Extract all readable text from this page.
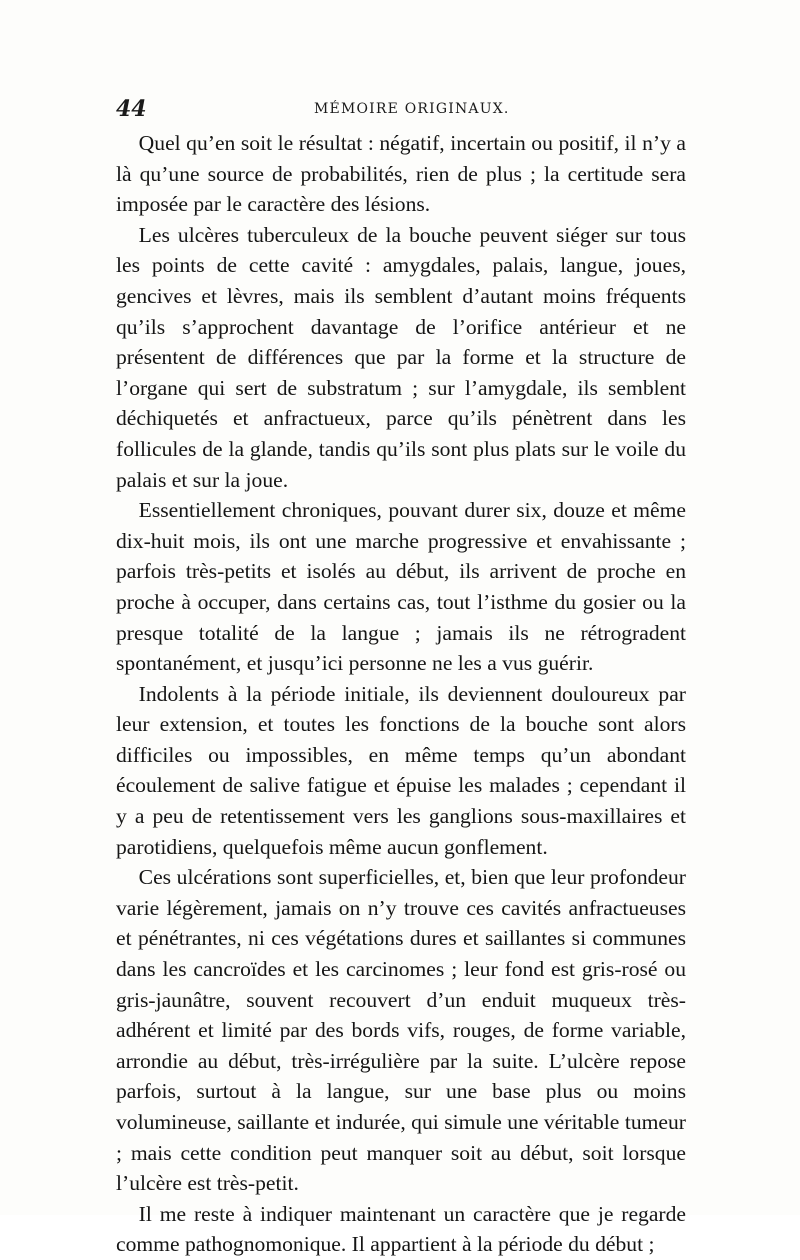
44	MÉMOIRE ORIGINAUX.

Quel qu’en soit le résultat : négatif, incertain ou positif, il n’y a là qu’une source de probabilités, rien de plus ; la certitude sera imposée par le caractère des lésions.

Les ulcères tuberculeux de la bouche peuvent siéger sur tous les points de cette cavité : amygdales, palais, langue, joues, gencives et lèvres, mais ils semblent d’autant moins fréquents qu’ils s’approchent davantage de l’orifice antérieur et ne présentent de différences que par la forme et la structure de l’organe qui sert de substratum ; sur l’amygdale, ils semblent déchiquetés et anfractueux, parce qu’ils pénètrent dans les follicules de la glande, tandis qu’ils sont plus plats sur le voile du palais et sur la joue.

Essentiellement chroniques, pouvant durer six, douze et même dix-huit mois, ils ont une marche progressive et envahissante ; parfois très-petits et isolés au début, ils arrivent de proche en proche à occuper, dans certains cas, tout l’isthme du gosier ou la presque totalité de la langue ; jamais ils ne rétrogradent spontanément, et jusqu’ici personne ne les a vus guérir.

Indolents à la période initiale, ils deviennent douloureux par leur extension, et toutes les fonctions de la bouche sont alors difficiles ou impossibles, en même temps qu’un abondant écoulement de salive fatigue et épuise les malades ; cependant il y a peu de retentissement vers les ganglions sous-maxillaires et parotidiens, quelquefois même aucun gonflement.

Ces ulcérations sont superficielles, et, bien que leur profondeur varie légèrement, jamais on n’y trouve ces cavités anfractueuses et pénétrantes, ni ces végétations dures et saillantes si communes dans les cancroïdes et les carcinomes ; leur fond est gris-rosé ou gris-jaunâtre, souvent recouvert d’un enduit muqueux très-adhérent et limité par des bords vifs, rouges, de forme variable, arrondie au début, très-irrégulière par la suite. L’ulcère repose parfois, surtout à la langue, sur une base plus ou moins volumineuse, saillante et indurée, qui simule une véritable tumeur ; mais cette condition peut manquer soit au début, soit lorsque l’ulcère est très-petit.

Il me reste à indiquer maintenant un caractère que je regarde comme pathognomonique. Il appartient à la période du début ;
